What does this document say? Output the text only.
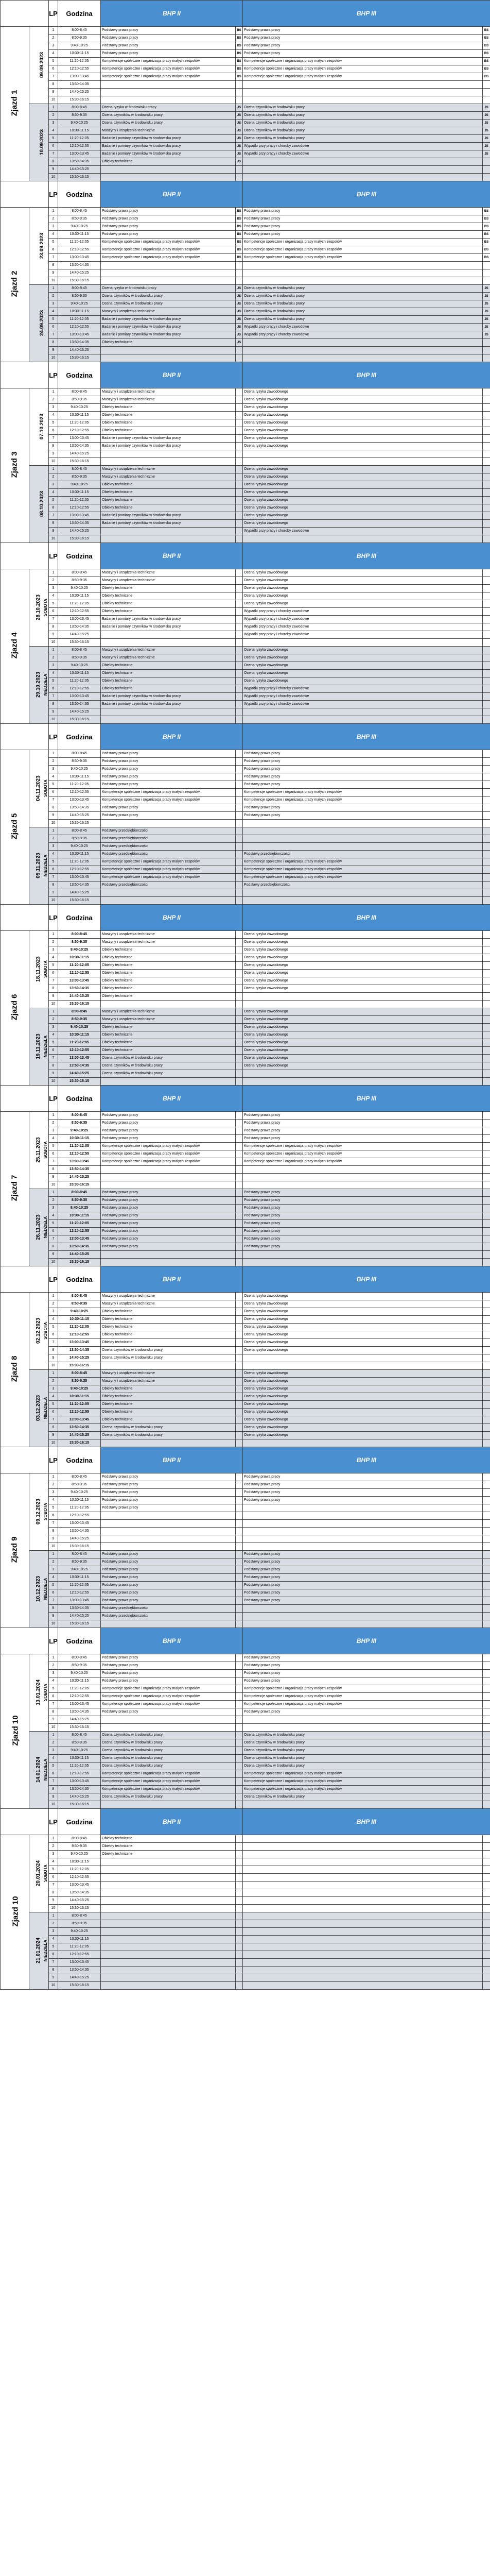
		LP	Godzina	BHP II		BHP III	
Zjazd 1	09.09.2023	1	8:00-8:45	Podstawy prawa pracy	BS	Podstawy prawa pracy	BS
		2	8:50-9:35	Podstawy prawa pracy	BS	Podstawy prawa pracy	BS
		3	9:40-10:25	Podstawy prawa pracy	BS	Podstawy prawa pracy	BS
		4	10:30-11:15	Podstawy prawa pracy	BS	Podstawy prawa pracy	BS
		5	11:20-12:05	Kompetencje społeczne i organizacja pracy małych zespołów	BS	Kompetencje społeczne i organizacja pracy małych zespołów	BS
		6	12:10-12:55	Kompetencje społeczne i organizacja pracy małych zespołów	BS	Kompetencje społeczne i organizacja pracy małych zespołów	BS
		7	13:00-13:45	Kompetencje społeczne i organizacja pracy małych zespołów	BS	Kompetencje społeczne i organizacja pracy małych zespołów	BS
		8	13:50-14:35				
		9	14:40-15:25				
		10	15:30-16:15				

	10.09.2023	1	8:00-8:45	Ocena ryzyka w środowisku pracy	JS	Ocena czynników w środowisku pracy	JS
		2	8:50-9:35	Ocena czynników w środowisku pracy	JS	Ocena czynników w środowisku pracy	JS
		3	9:40-10:25	Ocena czynników w środowisku pracy	JS	Ocena czynników w środowisku pracy	JS
		4	10:30-11:15	Maszyny i urządzenia techniczne	JS	Ocena czynników w środowisku pracy	JS
		5	11:20-12:05	Badanie i pomiary czynników w środowisku pracy	JS	Ocena czynników w środowisku pracy	JS
		6	12:10-12:55	Badanie i pomiary czynników w środowisku pracy	JS	Wypadki przy pracy i choroby zawodowe	JS
		7	13:00-13:45	Badanie i pomiary czynników w środowisku pracy	JS	Wypadki przy pracy i choroby zawodowe	JS
		8	13:50-14:35	Obiekty techniczne	JS		
		9	14:40-15:25				
		10	15:30-16:15				
		LP	Godzina	BHP II		BHP III	
Zjazd 2	23.09.2023	1	8:00-8:45	Podstawy prawa pracy	BS	Podstawy prawa pracy	BS
		2	8:50-9:35	Podstawy prawa pracy	BS	Podstawy prawa pracy	BS
		3	9:40-10:25	Podstawy prawa pracy	BS	Podstawy prawa pracy	BS
		4	10:30-11:15	Podstawy prawa pracy	BS	Podstawy prawa pracy	BS
		5	11:20-12:05	Kompetencje społeczne i organizacja pracy małych zespołów	BS	Kompetencje społeczne i organizacja pracy małych zespołów	BS
		6	12:10-12:55	Kompetencje społeczne i organizacja pracy małych zespołów	BS	Kompetencje społeczne i organizacja pracy małych zespołów	BS
		7	13:00-13:45	Kompetencje społeczne i organizacja pracy małych zespołów	BS	Kompetencje społeczne i organizacja pracy małych zespołów	BS
		8	13:50-14:35				
		9	14:40-15:25				
		10	15:30-16:15				

	24.09.2023	1	8:00-8:45	Ocena ryzyka w środowisku pracy	JS	Ocena czynników w środowisku pracy	JS
		2	8:50-9:35	Ocena czynników w środowisku pracy	JS	Ocena czynników w środowisku pracy	JS
		3	9:40-10:25	Ocena czynników w środowisku pracy	JS	Ocena czynników w środowisku pracy	JS
		4	10:30-11:15	Maszyny i urządzenia techniczne	JS	Ocena czynników w środowisku pracy	JS
		5	11:20-12:05	Badanie i pomiary czynników w środowisku pracy	JS	Ocena czynników w środowisku pracy	JS
		6	12:10-12:55	Badanie i pomiary czynników w środowisku pracy	JS	Wypadki przy pracy i choroby zawodowe	JS
		7	13:00-13:45	Badanie i pomiary czynników w środowisku pracy	JS	Wypadki przy pracy i choroby zawodowe	JS
		8	13:50-14:35	Obiekty techniczne	JS		
		9	14:40-15:25				
		10	15:30-16:15				
		LP	Godzina	BHP II		BHP III	
Zjazd 3	07.10.2023	1	8:00-8:45	Maszyny i urządzenia techniczne		Ocena ryzyka zawodowego	
		2	8:50-9:35	Maszyny i urządzenia techniczne		Ocena ryzyka zawodowego	
		3	9:40-10:25	Obiekty techniczne		Ocena ryzyka zawodowego	
		4	10:30-11:15	Obiekty techniczne		Ocena ryzyka zawodowego	
		5	11:20-12:05	Obiekty techniczne		Ocena ryzyka zawodowego	
		6	12:10-12:55	Obiekty techniczne		Ocena ryzyka zawodowego	
		7	13:00-13:45	Badanie i pomiary czynników w środowisku pracy		Ocena ryzyka zawodowego	
		8	13:50-14:35	Badanie i pomiary czynników w środowisku pracy		Ocena ryzyka zawodowego	
		9	14:40-15:25				
		10	15:30-16:15				

	08.10.2023	1	8:00-8:45	Maszyny i urządzenia techniczne		Ocena ryzyka zawodowego	
		2	8:50-9:35	Maszyny i urządzenia techniczne		Ocena ryzyka zawodowego	
		3	9:40-10:25	Obiekty techniczne		Ocena ryzyka zawodowego	
		4	10:30-11:15	Obiekty techniczne		Ocena ryzyka zawodowego	
		5	11:20-12:05	Obiekty techniczne		Ocena ryzyka zawodowego	
		6	12:10-12:55	Obiekty techniczne		Ocena ryzyka zawodowego	
		7	13:00-13:45	Badanie i pomiary czynników w środowisku pracy		Ocena ryzyka zawodowego	
		8	13:50-14:35	Badanie i pomiary czynników w środowisku pracy		Ocena ryzyka zawodowego	
		9	14:40-15:25			Wypadki przy pracy i choroby zawodowe	
		10	15:30-16:15				
		LP	Godzina	BHP II		BHP III	
Zjazd 4	28.10.2023 SOBOTA	1	8:00-8:45	Maszyny i urządzenia techniczne		Ocena ryzyka zawodowego	
		2	8:50-9:35	Maszyny i urządzenia techniczne		Ocena ryzyka zawodowego	
		3	9:40-10:25	Obiekty techniczne		Ocena ryzyka zawodowego	
		4	10:30-11:15	Obiekty techniczne		Ocena ryzyka zawodowego	
		5	11:20-12:05	Obiekty techniczne		Ocena ryzyka zawodowego	
		6	12:10-12:55	Obiekty techniczne		Wypadki przy pracy i choroby zawodowe	
		7	13:00-13:45	Badanie i pomiary czynników w środowisku pracy		Wypadki przy pracy i choroby zawodowe	
		8	13:50-14:35	Badanie i pomiary czynników w środowisku pracy		Wypadki przy pracy i choroby zawodowe	
		9	14:40-15:25			Wypadki przy pracy i choroby zawodowe	
		10	15:30-16:15				

	29.10.2023 NIEDZIELA	1	8:00-8:45	Maszyny i urządzenia techniczne		Ocena ryzyka zawodowego	
		2	8:50-9:35	Maszyny i urządzenia techniczne		Ocena ryzyka zawodowego	
		3	9:40-10:25	Obiekty techniczne		Ocena ryzyka zawodowego	
		4	10:30-11:15	Obiekty techniczne		Ocena ryzyka zawodowego	
		5	11:20-12:05	Obiekty techniczne		Ocena ryzyka zawodowego	
		6	12:10-12:55	Obiekty techniczne		Wypadki przy pracy i choroby zawodowe	
		7	13:00-13:45	Badanie i pomiary czynników w środowisku pracy		Wypadki przy pracy i choroby zawodowe	
		8	13:50-14:35	Badanie i pomiary czynników w środowisku pracy		Wypadki przy pracy i choroby zawodowe	
		9	14:40-15:25				
		10	15:30-16:15				
		LP	Godzina	BHP II		BHP III	
Zjazd 5	04.11.2023 SOBOTA	1	8:00-8:45	Podstawy prawa pracy		Podstawy prawa pracy	
		2	8:50-9:35	Podstawy prawa pracy		Podstawy prawa pracy	
		3	9:40-10:25	Podstawy prawa pracy		Podstawy prawa pracy	
		4	10:30-11:15	Podstawy prawa pracy		Podstawy prawa pracy	
		5	11:20-12:05	Podstawy prawa pracy		Podstawy prawa pracy	
		6	12:10-12:55	Kompetencje społeczne i organizacja pracy małych zespołów		Kompetencje społeczne i organizacja pracy małych zespołów	
		7	13:00-13:45	Kompetencje społeczne i organizacja pracy małych zespołów		Kompetencje społeczne i organizacja pracy małych zespołów	
		8	13:50-14:35	Podstawy prawa pracy		Podstawy prawa pracy	
		9	14:40-15:25	Podstawy prawa pracy		Podstawy prawa pracy	
		10	15:30-16:15				

	05.11.2023 NIEDZIELA	1	8:00-8:45	Podstawy przedsiębiorczości			
		2	8:50-9:35	Podstawy przedsiębiorczości			
		3	9:40-10:25	Podstawy przedsiębiorczości			
		4	10:30-11:15	Podstawy przedsiębiorczości		Podstawy przedsiębiorczości	
		5	11:20-12:05	Kompetencje społeczne i organizacja pracy małych zespołów		Kompetencje społeczne i organizacja pracy małych zespołów	
		6	12:10-12:55	Kompetencje społeczne i organizacja pracy małych zespołów		Kompetencje społeczne i organizacja pracy małych zespołów	
		7	13:00-13:45	Kompetencje społeczne i organizacja pracy małych zespołów		Kompetencje społeczne i organizacja pracy małych zespołów	
		8	13:50-14:35	Podstawy przedsiębiorczości		Podstawy przedsiębiorczości	
		9	14:40-15:25				
		10	15:30-16:15				
		LP	Godzina	BHP II		BHP III	
Zjazd 6	18.11.2023 SOBOTA	1	8:00-8:45	Maszyny i urządzenia techniczne		Ocena ryzyka zawodowego	
		2	8:50-9:35	Maszyny i urządzenia techniczne		Ocena ryzyka zawodowego	
		3	9:40-10:25	Obiekty techniczne		Ocena ryzyka zawodowego	
		4	10:30-11:15	Obiekty techniczne		Ocena ryzyka zawodowego	
		5	11:20-12:05	Obiekty techniczne		Ocena ryzyka zawodowego	
		6	12:10-12:55	Obiekty techniczne		Ocena ryzyka zawodowego	
		7	13:00-13:45	Obiekty techniczne		Ocena ryzyka zawodowego	
		8	13:50-14:35	Obiekty techniczne		Ocena ryzyka zawodowego	
		9	14:40-15:25	Obiekty techniczne			
		10	15:30-16:15				

	19.11.2023 NIEDZIELA	1	8:00-8:45	Maszyny i urządzenia techniczne		Ocena ryzyka zawodowego	
		2	8:50-9:35	Maszyny i urządzenia techniczne		Ocena ryzyka zawodowego	
		3	9:40-10:25	Obiekty techniczne		Ocena ryzyka zawodowego	
		4	10:30-11:15	Obiekty techniczne		Ocena ryzyka zawodowego	
		5	11:20-12:05	Obiekty techniczne		Ocena ryzyka zawodowego	
		6	12:10-12:55	Obiekty techniczne		Ocena ryzyka zawodowego	
		7	13:00-13:45	Ocena czynników w środowisku pracy		Ocena ryzyka zawodowego	
		8	13:50-14:35	Ocena czynników w środowisku pracy		Ocena ryzyka zawodowego	
		9	14:40-15:25	Ocena czynników w środowisku pracy			
		10	15:30-16:15				
		LP	Godzina	BHP II		BHP III	
Zjazd 7	25.11.2023 SOBOTA	1	8:00-8:45	Podstawy prawa pracy		Podstawy prawa pracy	
		2	8:50-9:35	Podstawy prawa pracy		Podstawy prawa pracy	
		3	9:40-10:25	Podstawy prawa pracy		Podstawy prawa pracy	
		4	10:30-11:15	Podstawy prawa pracy		Podstawy prawa pracy	
		5	11:20-12:05	Kompetencje społeczne i organizacja pracy małych zespołów		Kompetencje społeczne i organizacja pracy małych zespołów	
		6	12:10-12:55	Kompetencje społeczne i organizacja pracy małych zespołów		Kompetencje społeczne i organizacja pracy małych zespołów	
		7	13:00-13:45	Kompetencje społeczne i organizacja pracy małych zespołów		Kompetencje społeczne i organizacja pracy małych zespołów	
		8	13:50-14:35				
		9	14:40-15:25				
		10	15:30-16:15				

	26.11.2023 NIEDZIELA	1	8:00-8:45	Podstawy prawa pracy		Podstawy prawa pracy	
		2	8:50-9:35	Podstawy prawa pracy		Podstawy prawa pracy	
		3	9:40-10:25	Podstawy prawa pracy		Podstawy prawa pracy	
		4	10:30-11:15	Podstawy prawa pracy		Podstawy prawa pracy	
		5	11:20-12:05	Podstawy prawa pracy		Podstawy prawa pracy	
		6	12:10-12:55	Podstawy prawa pracy		Podstawy prawa pracy	
		7	13:00-13:45	Podstawy prawa pracy		Podstawy prawa pracy	
		8	13:50-14:35	Podstawy prawa pracy		Podstawy prawa pracy	
		9	14:40-15:25				
		10	15:30-16:15				
		LP	Godzina	BHP II		BHP III	
Zjazd 8	02.12.2023 SOBOTA	1	8:00-8:45	Maszyny i urządzenia techniczne		Ocena ryzyka zawodowego	
		2	8:50-9:35	Maszyny i urządzenia techniczne		Ocena ryzyka zawodowego	
		3	9:40-10:25	Obiekty techniczne		Ocena ryzyka zawodowego	
		4	10:30-11:15	Obiekty techniczne		Ocena ryzyka zawodowego	
		5	11:20-12:05	Obiekty techniczne		Ocena ryzyka zawodowego	
		6	12:10-12:55	Obiekty techniczne		Ocena ryzyka zawodowego	
		7	13:00-13:45	Obiekty techniczne		Ocena ryzyka zawodowego	
		8	13:50-14:35	Ocena czynników w środowisku pracy		Ocena ryzyka zawodowego	
		9	14:40-15:25	Ocena czynników w środowisku pracy			
		10	15:30-16:15				

	03.12.2023 NIEDZIELA	1	8:00-8:45	Maszyny i urządzenia techniczne		Ocena ryzyka zawodowego	
		2	8:50-9:35	Maszyny i urządzenia techniczne		Ocena ryzyka zawodowego	
		3	9:40-10:25	Obiekty techniczne		Ocena ryzyka zawodowego	
		4	10:30-11:15	Obiekty techniczne		Ocena ryzyka zawodowego	
		5	11:20-12:05	Obiekty techniczne		Ocena ryzyka zawodowego	
		6	12:10-12:55	Obiekty techniczne		Ocena ryzyka zawodowego	
		7	13:00-13:45	Obiekty techniczne		Ocena ryzyka zawodowego	
		8	13:50-14:35	Ocena czynników w środowisku pracy		Ocena ryzyka zawodowego	
		9	14:40-15:25	Ocena czynników w środowisku pracy		Ocena ryzyka zawodowego	
		10	15:30-16:15				
		LP	Godzina	BHP II		BHP III	
Zjazd 9	09.12.2023 SOBOTA	1	8:00-8:45	Podstawy prawa pracy		Podstawy prawa pracy	
		2	8:50-9:35	Podstawy prawa pracy		Podstawy prawa pracy	
		3	9:40-10:25	Podstawy prawa pracy		Podstawy prawa pracy	
		4	10:30-11:15	Podstawy prawa pracy		Podstawy prawa pracy	
		5	11:20-12:05	Podstawy prawa pracy			
		6	12:10-12:55				
		7	13:00-13:45				
		8	13:50-14:35				
		9	14:40-15:25				
		10	15:30-16:15				

	10.12.2023 NIEDZIELA	1	8:00-8:45	Podstawy prawa pracy		Podstawy prawa pracy	
		2	8:50-9:35	Podstawy prawa pracy		Podstawy prawa pracy	
		3	9:40-10:25	Podstawy prawa pracy		Podstawy prawa pracy	
		4	10:30-11:15	Podstawy prawa pracy		Podstawy prawa pracy	
		5	11:20-12:05	Podstawy prawa pracy		Podstawy prawa pracy	
		6	12:10-12:55	Podstawy prawa pracy		Podstawy prawa pracy	
		7	13:00-13:45	Podstawy prawa pracy		Podstawy prawa pracy	
		8	13:50-14:35	Podstawy przedsiębiorczości			
		9	14:40-15:25	Podstawy przedsiębiorczości			
		10	15:30-16:15				
		LP	Godzina	BHP II		BHP III	
Zjazd 10	13.01.2024 SOBOTA	1	8:00-8:45	Podstawy prawa pracy		Podstawy prawa pracy	
		2	8:50-9:35	Podstawy prawa pracy		Podstawy prawa pracy	
		3	9:40-10:25	Podstawy prawa pracy		Podstawy prawa pracy	
		4	10:30-11:15	Podstawy prawa pracy		Podstawy prawa pracy	
		5	11:20-12:05	Kompetencje społeczne i organizacja pracy małych zespołów		Kompetencje społeczne i organizacja pracy małych zespołów	
		6	12:10-12:55	Kompetencje społeczne i organizacja pracy małych zespołów		Kompetencje społeczne i organizacja pracy małych zespołów	
		7	13:00-13:45	Kompetencje społeczne i organizacja pracy małych zespołów		Kompetencje społeczne i organizacja pracy małych zespołów	
		8	13:50-14:35	Podstawy prawa pracy		Podstawy prawa pracy	
		9	14:40-15:25				
		10	15:30-16:15				

	14.01.2024 NIEDZIELA	1	8:00-8:45	Ocena czynników w środowisku pracy		Ocena czynników w środowisku pracy	
		2	8:50-9:35	Ocena czynników w środowisku pracy		Ocena czynników w środowisku pracy	
		3	9:40-10:25	Ocena czynników w środowisku pracy		Ocena czynników w środowisku pracy	
		4	10:30-11:15	Ocena czynników w środowisku pracy		Ocena czynników w środowisku pracy	
		5	11:20-12:05	Ocena czynników w środowisku pracy		Ocena czynników w środowisku pracy	
		6	12:10-12:55	Kompetencje społeczne i organizacja pracy małych zespołów		Kompetencje społeczne i organizacja pracy małych zespołów	
		7	13:00-13:45	Kompetencje społeczne i organizacja pracy małych zespołów		Kompetencje społeczne i organizacja pracy małych zespołów	
		8	13:50-14:35	Kompetencje społeczne i organizacja pracy małych zespołów		Kompetencje społeczne i organizacja pracy małych zespołów	
		9	14:40-15:25	Ocena czynników w środowisku pracy		Ocena czynników w środowisku pracy	
		10	15:30-16:15				
		LP	Godzina	BHP II		BHP III	
Zjazd 10	20.01.2024 SOBOTA	1	8:00-8:45	Obiekty techniczne			
		2	8:50-9:35	Obiekty techniczne			
		3	9:40-10:25	Obiekty techniczne			
		4	10:30-11:15				
		5	11:20-12:05				
		6	12:10-12:55				
		7	13:00-13:45				
		8	13:50-14:35				
		9	14:40-15:25				
		10	15:30-16:15				

	21.01.2024 NIEDZIELA	1	8:00-8:45				
		2	8:50-9:35				
		3	9:40-10:25				
		4	10:30-11:15				
		5	11:20-12:05				
		6	12:10-12:55				
		7	13:00-13:45				
		8	13:50-14:35				
		9	14:40-15:25				
		10	15:30-16:15				
